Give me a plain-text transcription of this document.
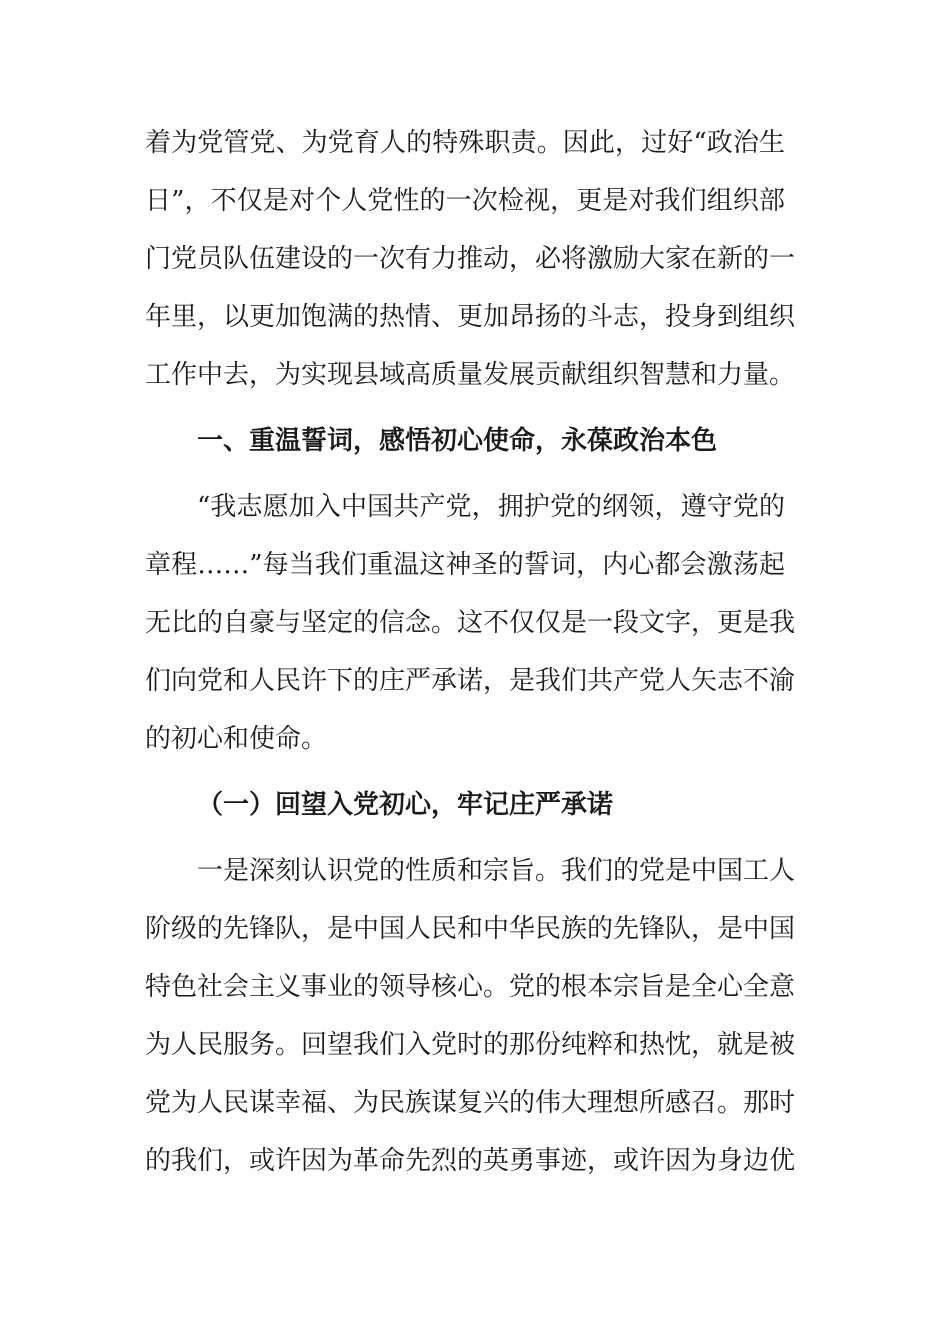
着为党管党、为党育人的特殊职责。因此，过好“政治生
日”，不仅是对个人党性的一次检视，更是对我们组织部
门党员队伍建设的一次有力推动，必将激励大家在新的一
年里，以更加饱满的热情、更加昂扬的斗志，投身到组织
工作中去，为实现县域高质量发展贡献组织智慧和力量。
一、重温誓词，感悟初心使命，永葆政治本色
“我志愿加入中国共产党，拥护党的纲领，遵守党的
章程……”每当我们重温这神圣的誓词，内心都会激荡起
无比的自豪与坚定的信念。这不仅仅是一段文字，更是我
们向党和人民许下的庄严承诺，是我们共产党人矢志不渝
的初心和使命。
（一）回望入党初心，牢记庄严承诺
一是深刻认识党的性质和宗旨。我们的党是中国工人
阶级的先锋队，是中国人民和中华民族的先锋队，是中国
特色社会主义事业的领导核心。党的根本宗旨是全心全意
为人民服务。回望我们入党时的那份纯粹和热忱，就是被
党为人民谋幸福、为民族谋复兴的伟大理想所感召。那时
的我们，或许因为革命先烈的英勇事迹，或许因为身边优
